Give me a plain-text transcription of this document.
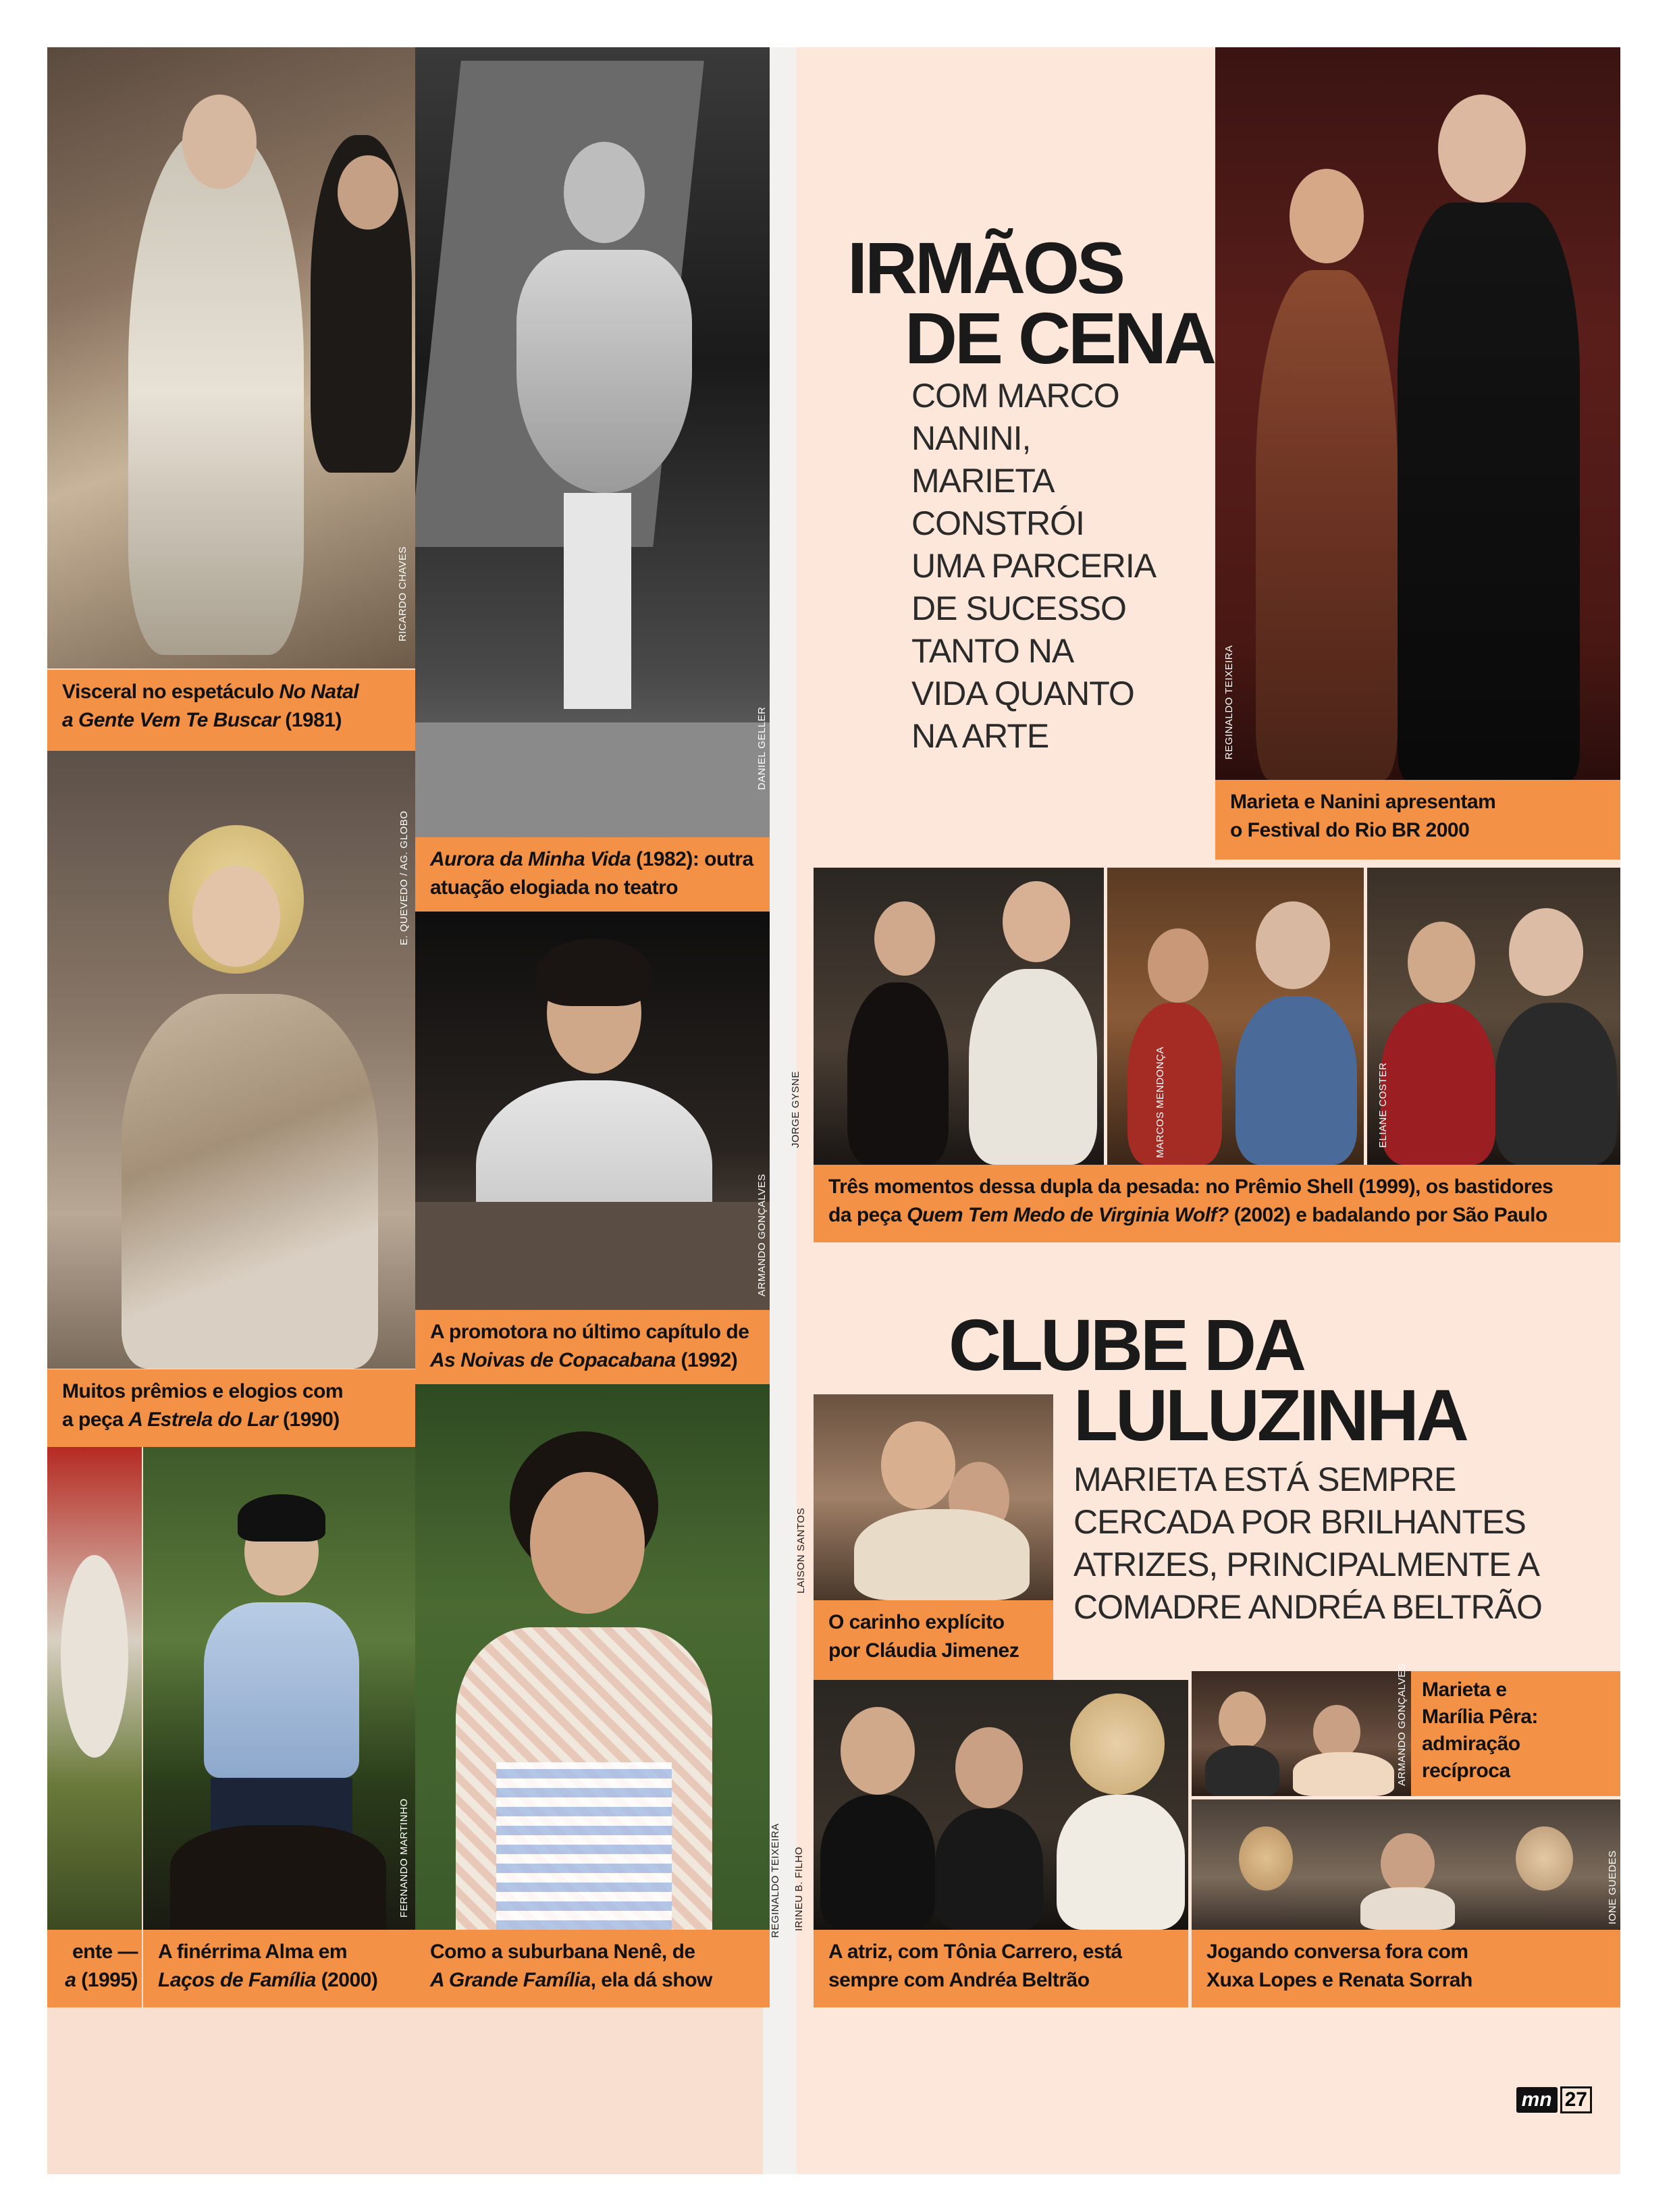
RICARDO CHAVES
DANIEL GELLER
Visceral no espetáculo No Natal
a Gente Vem Te Buscar (1981)
E. QUEVEDO / AG. GLOBO	Aurora da Minha Vida (1982): outra
atuação elogiada no teatro
ARMANDO GONÇALVES
A promotora no último capítulo de
As Noivas de Copacabana (1992)
Muitos prêmios e elogios com
a peça A Estrela do Lar (1990)
FERNANDO MARTINHO
ente —
a (1995)
A finérrima Alma em
Laços de Família (2000)
Como a suburbana Nenê, de
A Grande Família, ela dá show
IRMÃOS
DE CENA
COM MARCO
NANINI,
MARIETA
CONSTRÓI
UMA PARCERIA
DE SUCESSO
TANTO NA
VIDA QUANTO
NA ARTE	REGINALDO TEIXEIRA
Marieta e Nanini apresentam
o Festival do Rio BR 2000
JORGE GYSNE	MARCOS MENDONÇA	ELIANE COSTER
Três momentos dessa dupla da pesada: no Prêmio Shell (1999), os bastidores
da peça Quem Tem Medo de Virginia Wolf? (2002) e badalando por São Paulo
CLUBE DA
LULUZINHA
MARIETA ESTÁ SEMPRE
CERCADA POR BRILHANTES
ATRIZES, PRINCIPALMENTE A
COMADRE ANDRÉA BELTRÃO
LAISON SANTOS
O carinho explícito
por Cláudia Jimenez
REGINALDO TEIXEIRA IRINEU B. FILHO
ARMANDO GONÇALVES Marieta e
Marília Pêra:
admiração
recíproca
IONE GUEDES
A atriz, com Tônia Carrero, está
sempre com Andréa Beltrão
Jogando conversa fora com
Xuxa Lopes e Renata Sorrah
mn 27
